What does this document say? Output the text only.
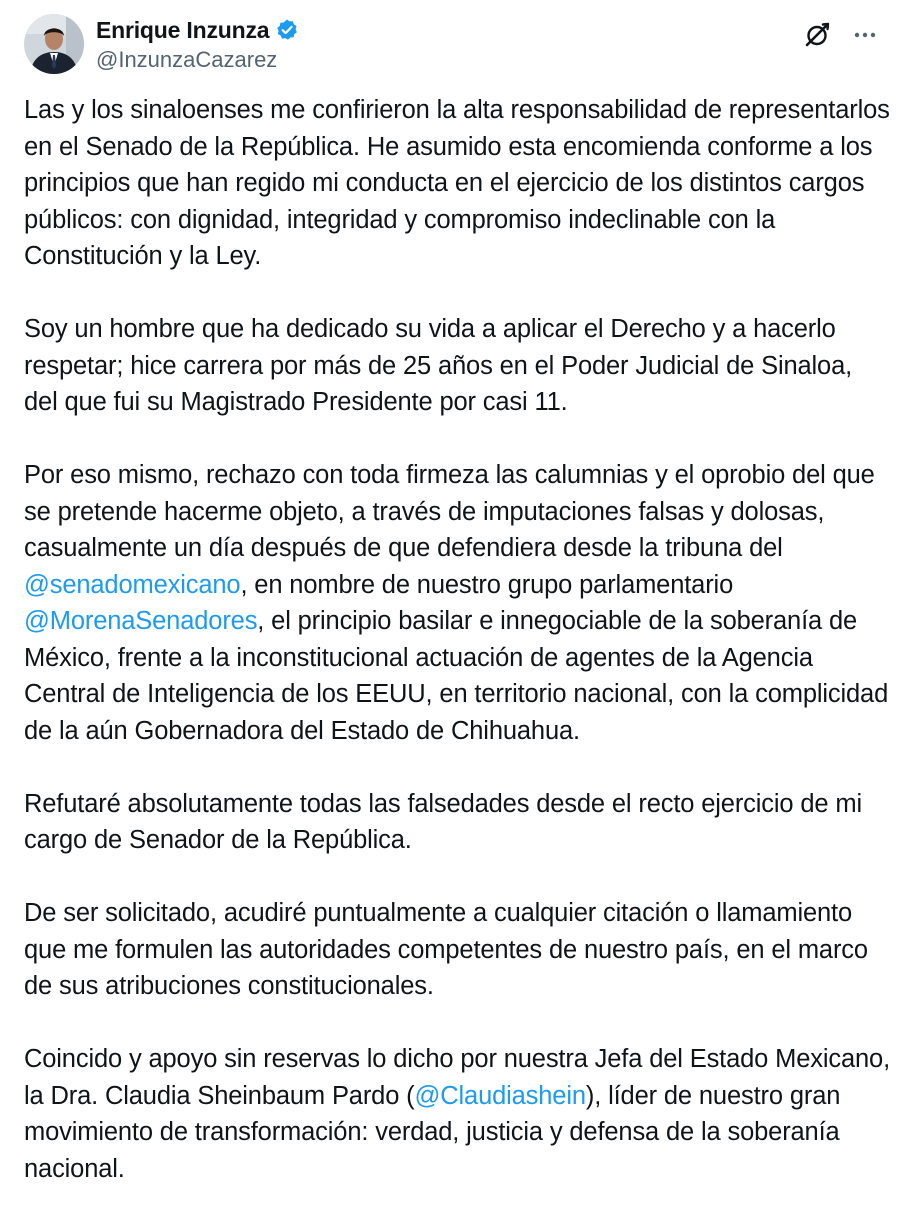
Enrique Inzunza
@InzunzaCazarez

Las y los sinaloenses me confirieron la alta responsabilidad de representarlos en el Senado de la República. He asumido esta encomienda conforme a los principios que han regido mi conducta en el ejercicio de los distintos cargos públicos: con dignidad, integridad y compromiso indeclinable con la Constitución y la Ley.

Soy un hombre que ha dedicado su vida a aplicar el Derecho y a hacerlo respetar; hice carrera por más de 25 años en el Poder Judicial de Sinaloa, del que fui su Magistrado Presidente por casi 11.

Por eso mismo, rechazo con toda firmeza las calumnias y el oprobio del que se pretende hacerme objeto, a través de imputaciones falsas y dolosas, casualmente un día después de que defendiera desde la tribuna del @senadomexicano, en nombre de nuestro grupo parlamentario @MorenaSenadores, el principio basilar e innegociable de la soberanía de México, frente a la inconstitucional actuación de agentes de la Agencia Central de Inteligencia de los EEUU, en territorio nacional, con la complicidad de la aún Gobernadora del Estado de Chihuahua.

Refutaré absolutamente todas las falsedades desde el recto ejercicio de mi cargo de Senador de la República.

De ser solicitado, acudiré puntualmente a cualquier citación o llamamiento que me formulen las autoridades competentes de nuestro país, en el marco de sus atribuciones constitucionales.

Coincido y apoyo sin reservas lo dicho por nuestra Jefa del Estado Mexicano, la Dra. Claudia Sheinbaum Pardo (@Claudiashein), líder de nuestro gran movimiento de transformación: verdad, justicia y defensa de la soberanía nacional.
